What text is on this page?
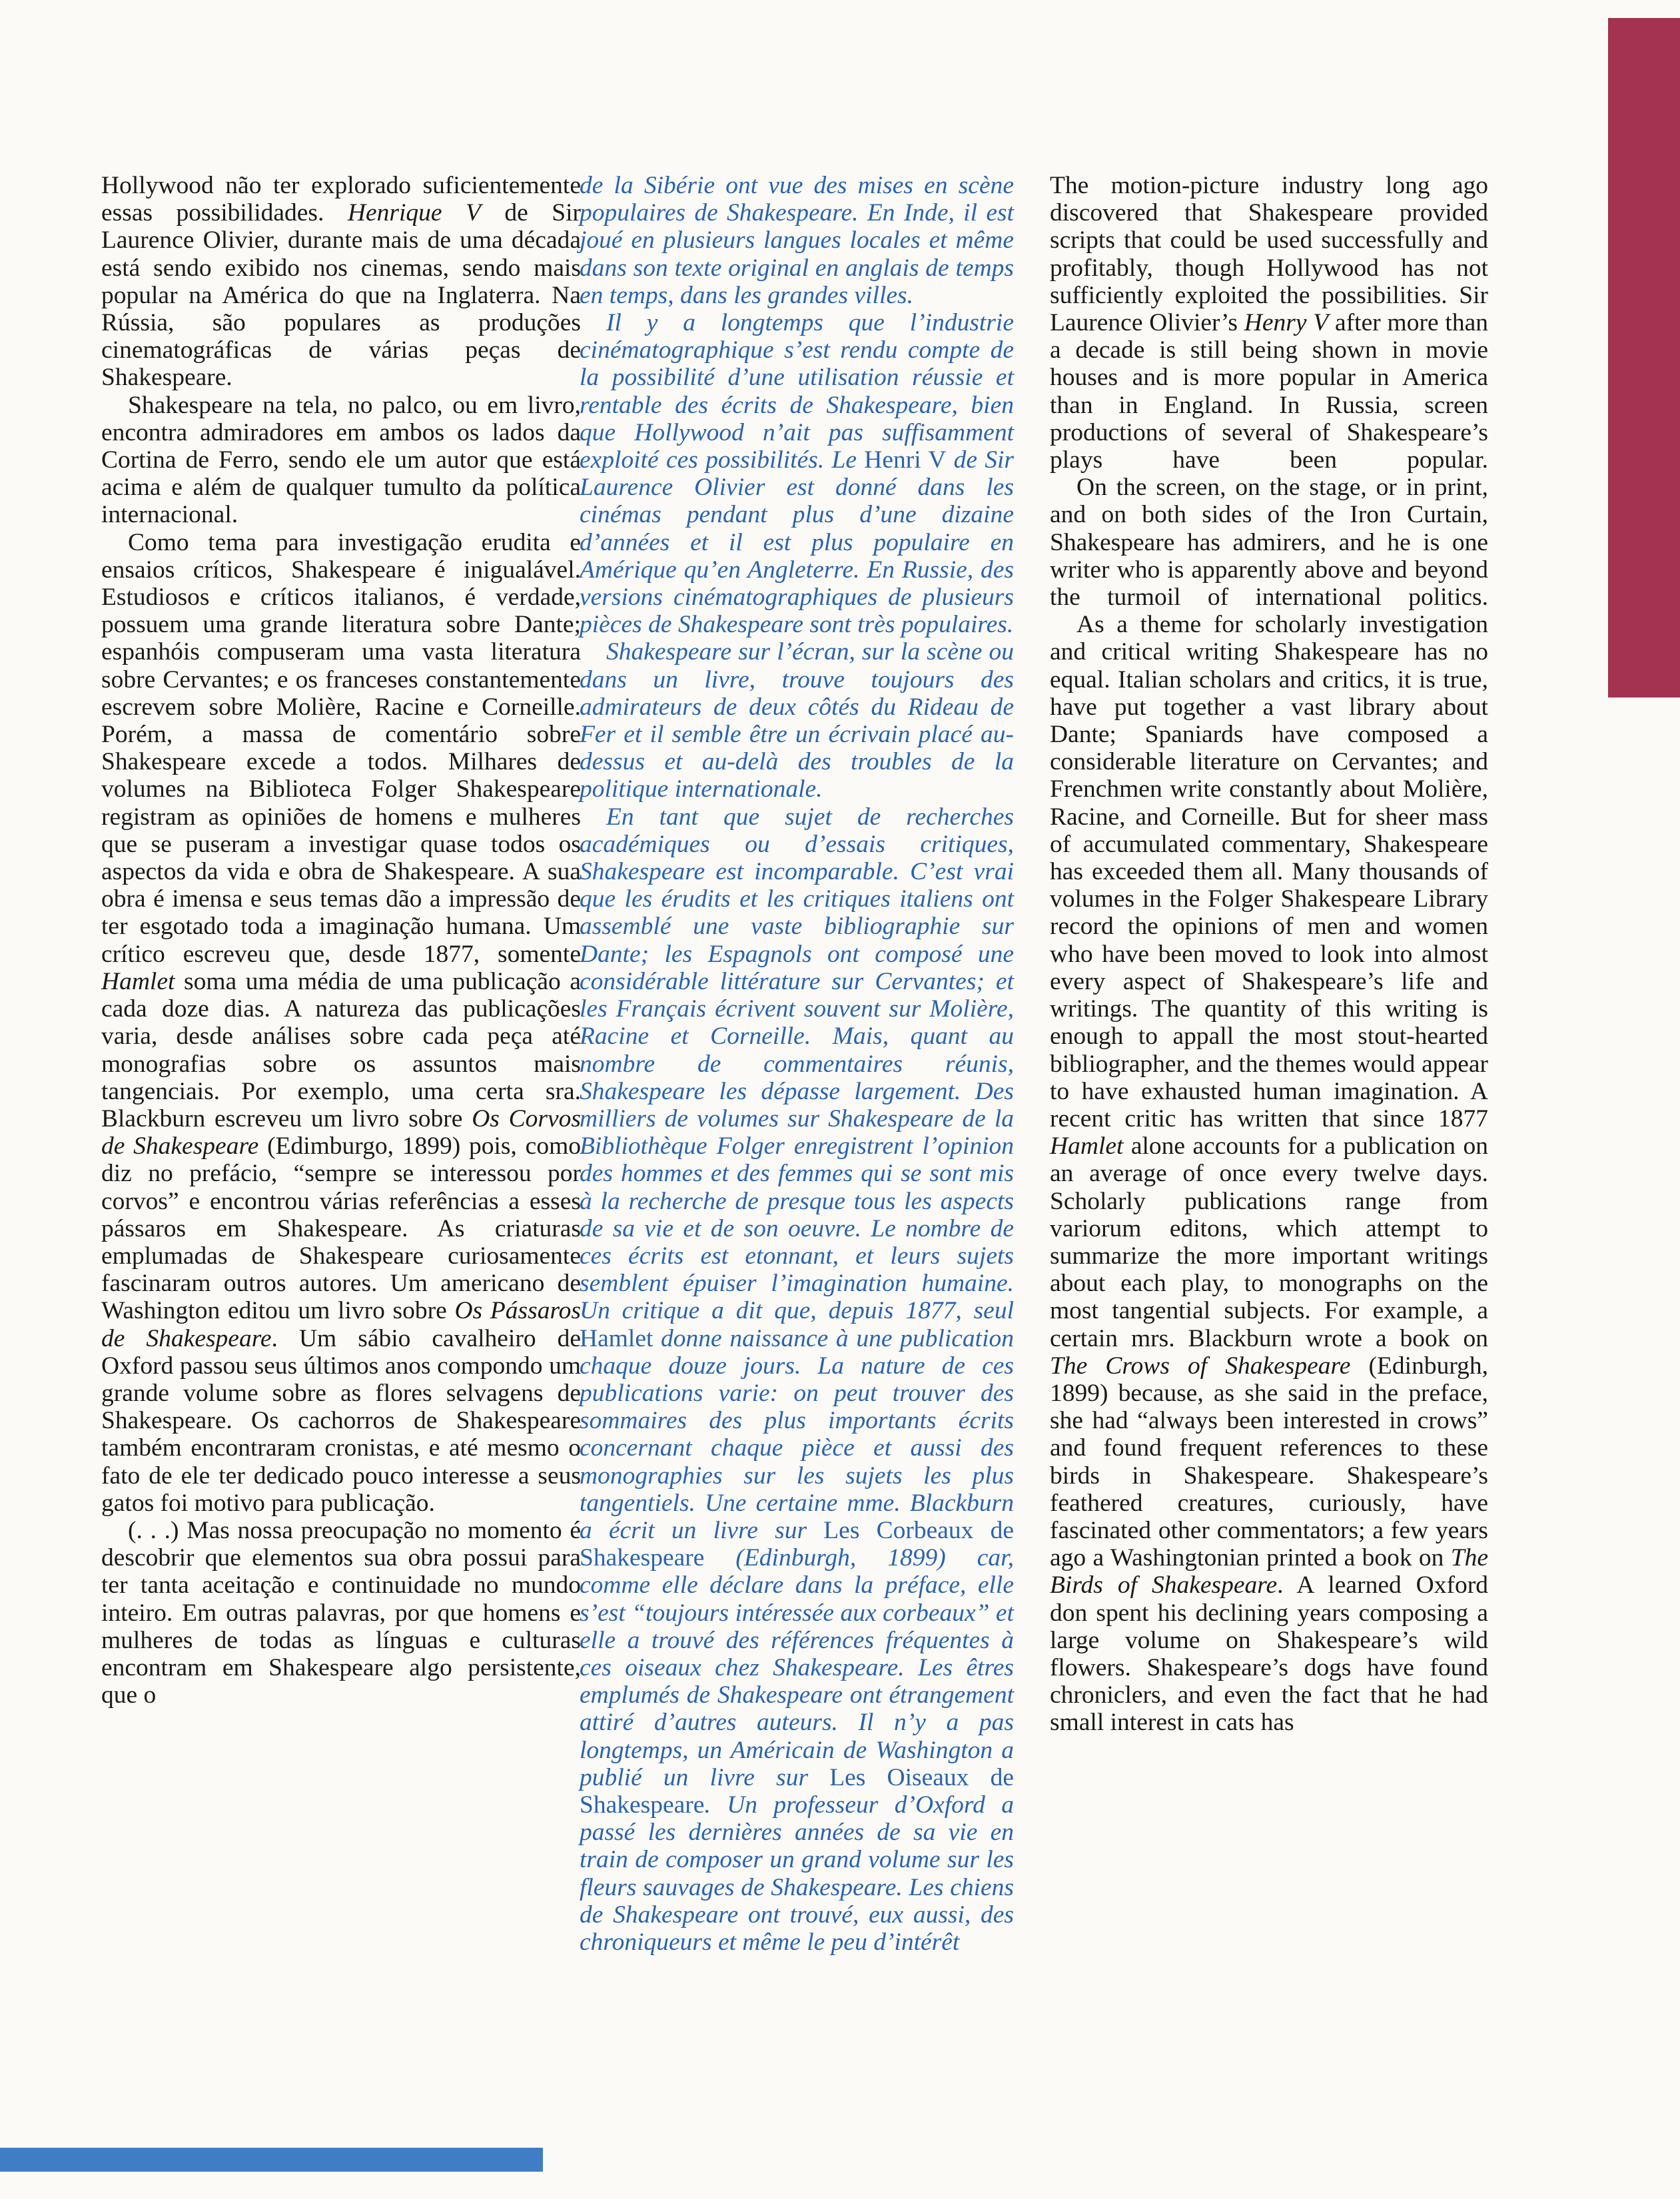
Hollywood não ter explorado suficientemente essas possibilidades. Henrique V de Sir Laurence Olivier, durante mais de uma década está sendo exibido nos cinemas, sendo mais popular na América do que na Inglaterra. Na Rússia, são populares as produções cinematográficas de várias peças de Shakespeare.

Shakespeare na tela, no palco, ou em livro, encontra admiradores em ambos os lados da Cortina de Ferro, sendo ele um autor que está acima e além de qualquer tumulto da política internacional.

Como tema para investigação erudita e ensaios críticos, Shakespeare é inigualável. Estudiosos e críticos italianos, é verdade, possuem uma grande literatura sobre Dante; espanhóis compuseram uma vasta literatura sobre Cervantes; e os franceses constantemente escrevem sobre Molière, Racine e Corneille. Porém, a massa de comentário sobre Shakespeare excede a todos. Milhares de volumes na Biblioteca Folger Shakespeare registram as opiniões de homens e mulheres que se puseram a investigar quase todos os aspectos da vida e obra de Shakespeare. A sua obra é imensa e seus temas dão a impressão de ter esgotado toda a imaginação humana. Um crítico escreveu que, desde 1877, somente Hamlet soma uma média de uma publicação a cada doze dias. A natureza das publicações varia, desde análises sobre cada peça até monografias sobre os assuntos mais tangenciais. Por exemplo, uma certa sra. Blackburn escreveu um livro sobre Os Corvos de Shakespeare (Edimburgo, 1899) pois, como diz no prefácio, “sempre se interessou por corvos” e encontrou várias referências a esses pássaros em Shakespeare. As criaturas emplumadas de Shakespeare curiosamente fascinaram outros autores. Um americano de Washington editou um livro sobre Os Pássaros de Shakespeare. Um sábio cavalheiro de Oxford passou seus últimos anos compondo um grande volume sobre as flores selvagens de Shakespeare. Os cachorros de Shakespeare também encontraram cronistas, e até mesmo o fato de ele ter dedicado pouco interesse a seus gatos foi motivo para publicação.

(. . .) Mas nossa preocupação no momento é descobrir que elementos sua obra possui para ter tanta aceitação e continuidade no mundo inteiro. Em outras palavras, por que homens e mulheres de todas as línguas e culturas encontram em Shakespeare algo persistente, que o

de la Sibérie ont vue des mises en scène populaires de Shakespeare. En Inde, il est joué en plusieurs langues locales et même dans son texte original en anglais de temps en temps, dans les grandes villes.

Il y a longtemps que l’industrie cinématographique s’est rendu compte de la possibilité d’une utilisation réussie et rentable des écrits de Shakespeare, bien que Hollywood n’ait pas suffisamment exploité ces possibilités. Le Henri V de Sir Laurence Olivier est donné dans les cinémas pendant plus d’une dizaine d’années et il est plus populaire en Amérique qu’en Angleterre. En Russie, des versions cinématographiques de plusieurs pièces de Shakespeare sont très populaires.

Shakespeare sur l’écran, sur la scène ou dans un livre, trouve toujours des admirateurs de deux côtés du Rideau de Fer et il semble être un écrivain placé au-dessus et au-delà des troubles de la politique internationale.

En tant que sujet de recherches académiques ou d’essais critiques, Shakespeare est incomparable. C’est vrai que les érudits et les critiques italiens ont assemblé une vaste bibliographie sur Dante; les Espagnols ont composé une considérable littérature sur Cervantes; et les Français écrivent souvent sur Molière, Racine et Corneille. Mais, quant au nombre de commentaires réunis, Shakespeare les dépasse largement. Des milliers de volumes sur Shakespeare de la Bibliothèque Folger enregistrent l’opinion des hommes et des femmes qui se sont mis à la recherche de presque tous les aspects de sa vie et de son oeuvre. Le nombre de ces écrits est etonnant, et leurs sujets semblent épuiser l’imagination humaine. Un critique a dit que, depuis 1877, seul Hamlet donne naissance à une publication chaque douze jours. La nature de ces publications varie: on peut trouver des sommaires des plus importants écrits concernant chaque pièce et aussi des monographies sur les sujets les plus tangentiels. Une certaine mme. Blackburn a écrit un livre sur Les Corbeaux de Shakespeare (Edinburgh, 1899) car, comme elle déclare dans la préface, elle s’est “toujours intéressée aux corbeaux” et elle a trouvé des références fréquentes à ces oiseaux chez Shakespeare. Les êtres emplumés de Shakespeare ont étrangement attiré d’autres auteurs. Il n’y a pas longtemps, un Américain de Washington a publié un livre sur Les Oiseaux de Shakespeare. Un professeur d’Oxford a passé les dernières années de sa vie en train de composer un grand volume sur les fleurs sauvages de Shakespeare. Les chiens de Shakespeare ont trouvé, eux aussi, des chroniqueurs et même le peu d’intérêt

The motion-picture industry long ago discovered that Shakespeare provided scripts that could be used successfully and profitably, though Hollywood has not sufficiently exploited the possibilities. Sir Laurence Olivier’s Henry V after more than a decade is still being shown in movie houses and is more popular in America than in England. In Russia, screen productions of several of Shakespeare’s plays have been popular.

On the screen, on the stage, or in print, and on both sides of the Iron Curtain, Shakespeare has admirers, and he is one writer who is apparently above and beyond the turmoil of international politics.

As a theme for scholarly investigation and critical writing Shakespeare has no equal. Italian scholars and critics, it is true, have put together a vast library about Dante; Spaniards have composed a considerable literature on Cervantes; and Frenchmen write constantly about Molière, Racine, and Corneille. But for sheer mass of accumulated commentary, Shakespeare has exceeded them all. Many thousands of volumes in the Folger Shakespeare Library record the opinions of men and women who have been moved to look into almost every aspect of Shakespeare’s life and writings. The quantity of this writing is enough to appall the most stout-hearted bibliographer, and the themes would appear to have exhausted human imagination. A recent critic has written that since 1877 Hamlet alone accounts for a publication on an average of once every twelve days. Scholarly publications range from variorum editons, which attempt to summarize the more important writings about each play, to monographs on the most tangential subjects. For example, a certain mrs. Blackburn wrote a book on The Crows of Shakespeare (Edinburgh, 1899) because, as she said in the preface, she had “always been interested in crows” and found frequent references to these birds in Shakespeare. Shakespeare’s feathered creatures, curiously, have fascinated other commentators; a few years ago a Washingtonian printed a book on The Birds of Shakespeare. A learned Oxford don spent his declining years composing a large volume on Shakespeare’s wild flowers. Shakespeare’s dogs have found chroniclers, and even the fact that he had small interest in cats has
